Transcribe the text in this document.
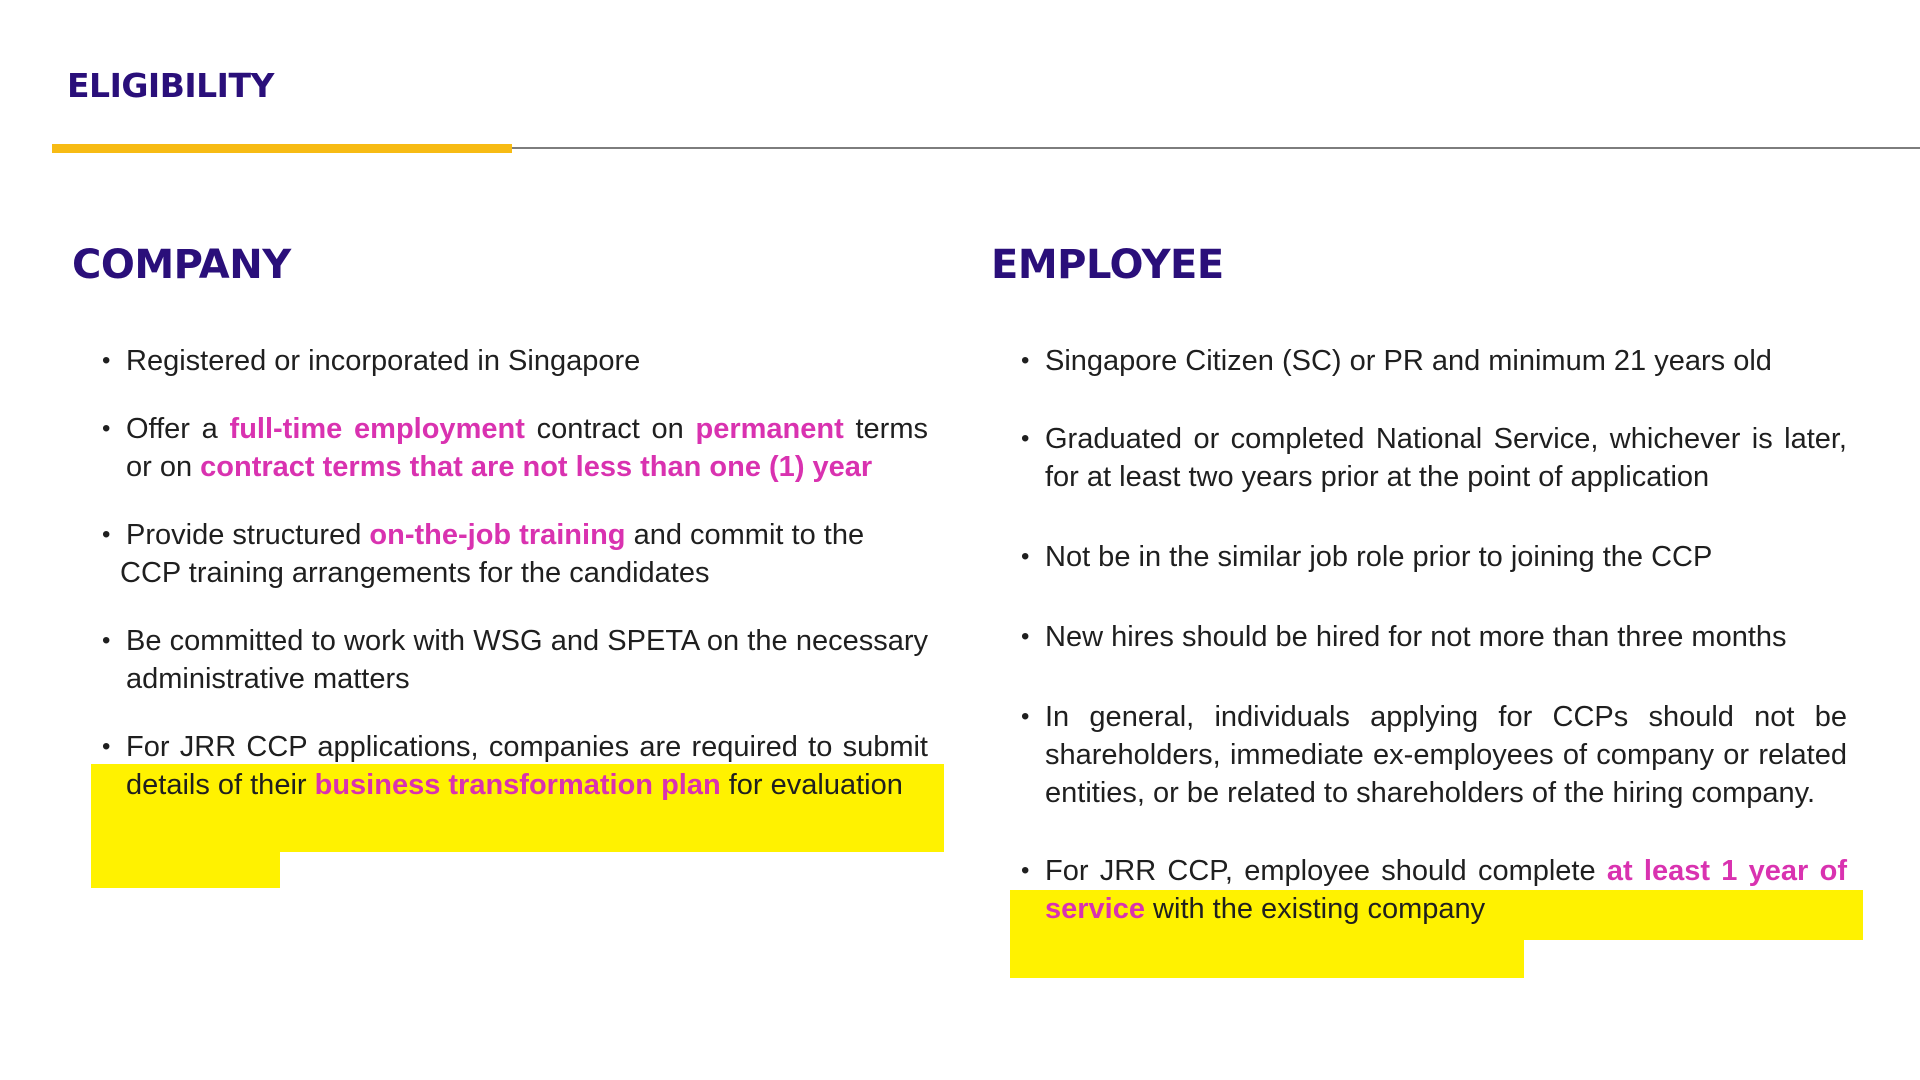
ELIGIBILITY
COMPANY	EMPLOYEE
• Registered or incorporated in Singapore
• Offer a full-time employment contract on permanent terms or on contract terms that are not less than one (1) year
• Provide structured on-the-job training and commit to the
CCP training arrangements for the candidates
• Be committed to work with WSG and SPETA on the necessary administrative matters
• For JRR CCP applications, companies are required to submit details of their business transformation plan for evaluation
• Singapore Citizen (SC) or PR and minimum 21 years old
• Graduated or completed National Service, whichever is later, for at least two years prior at the point of application
• Not be in the similar job role prior to joining the CCP
• New hires should be hired for not more than three months
• In general, individuals applying for CCPs should not be shareholders, immediate ex-employees of company or related entities, or be related to shareholders of the hiring company.
• For JRR CCP, employee should complete at least 1 year of service with the existing company
